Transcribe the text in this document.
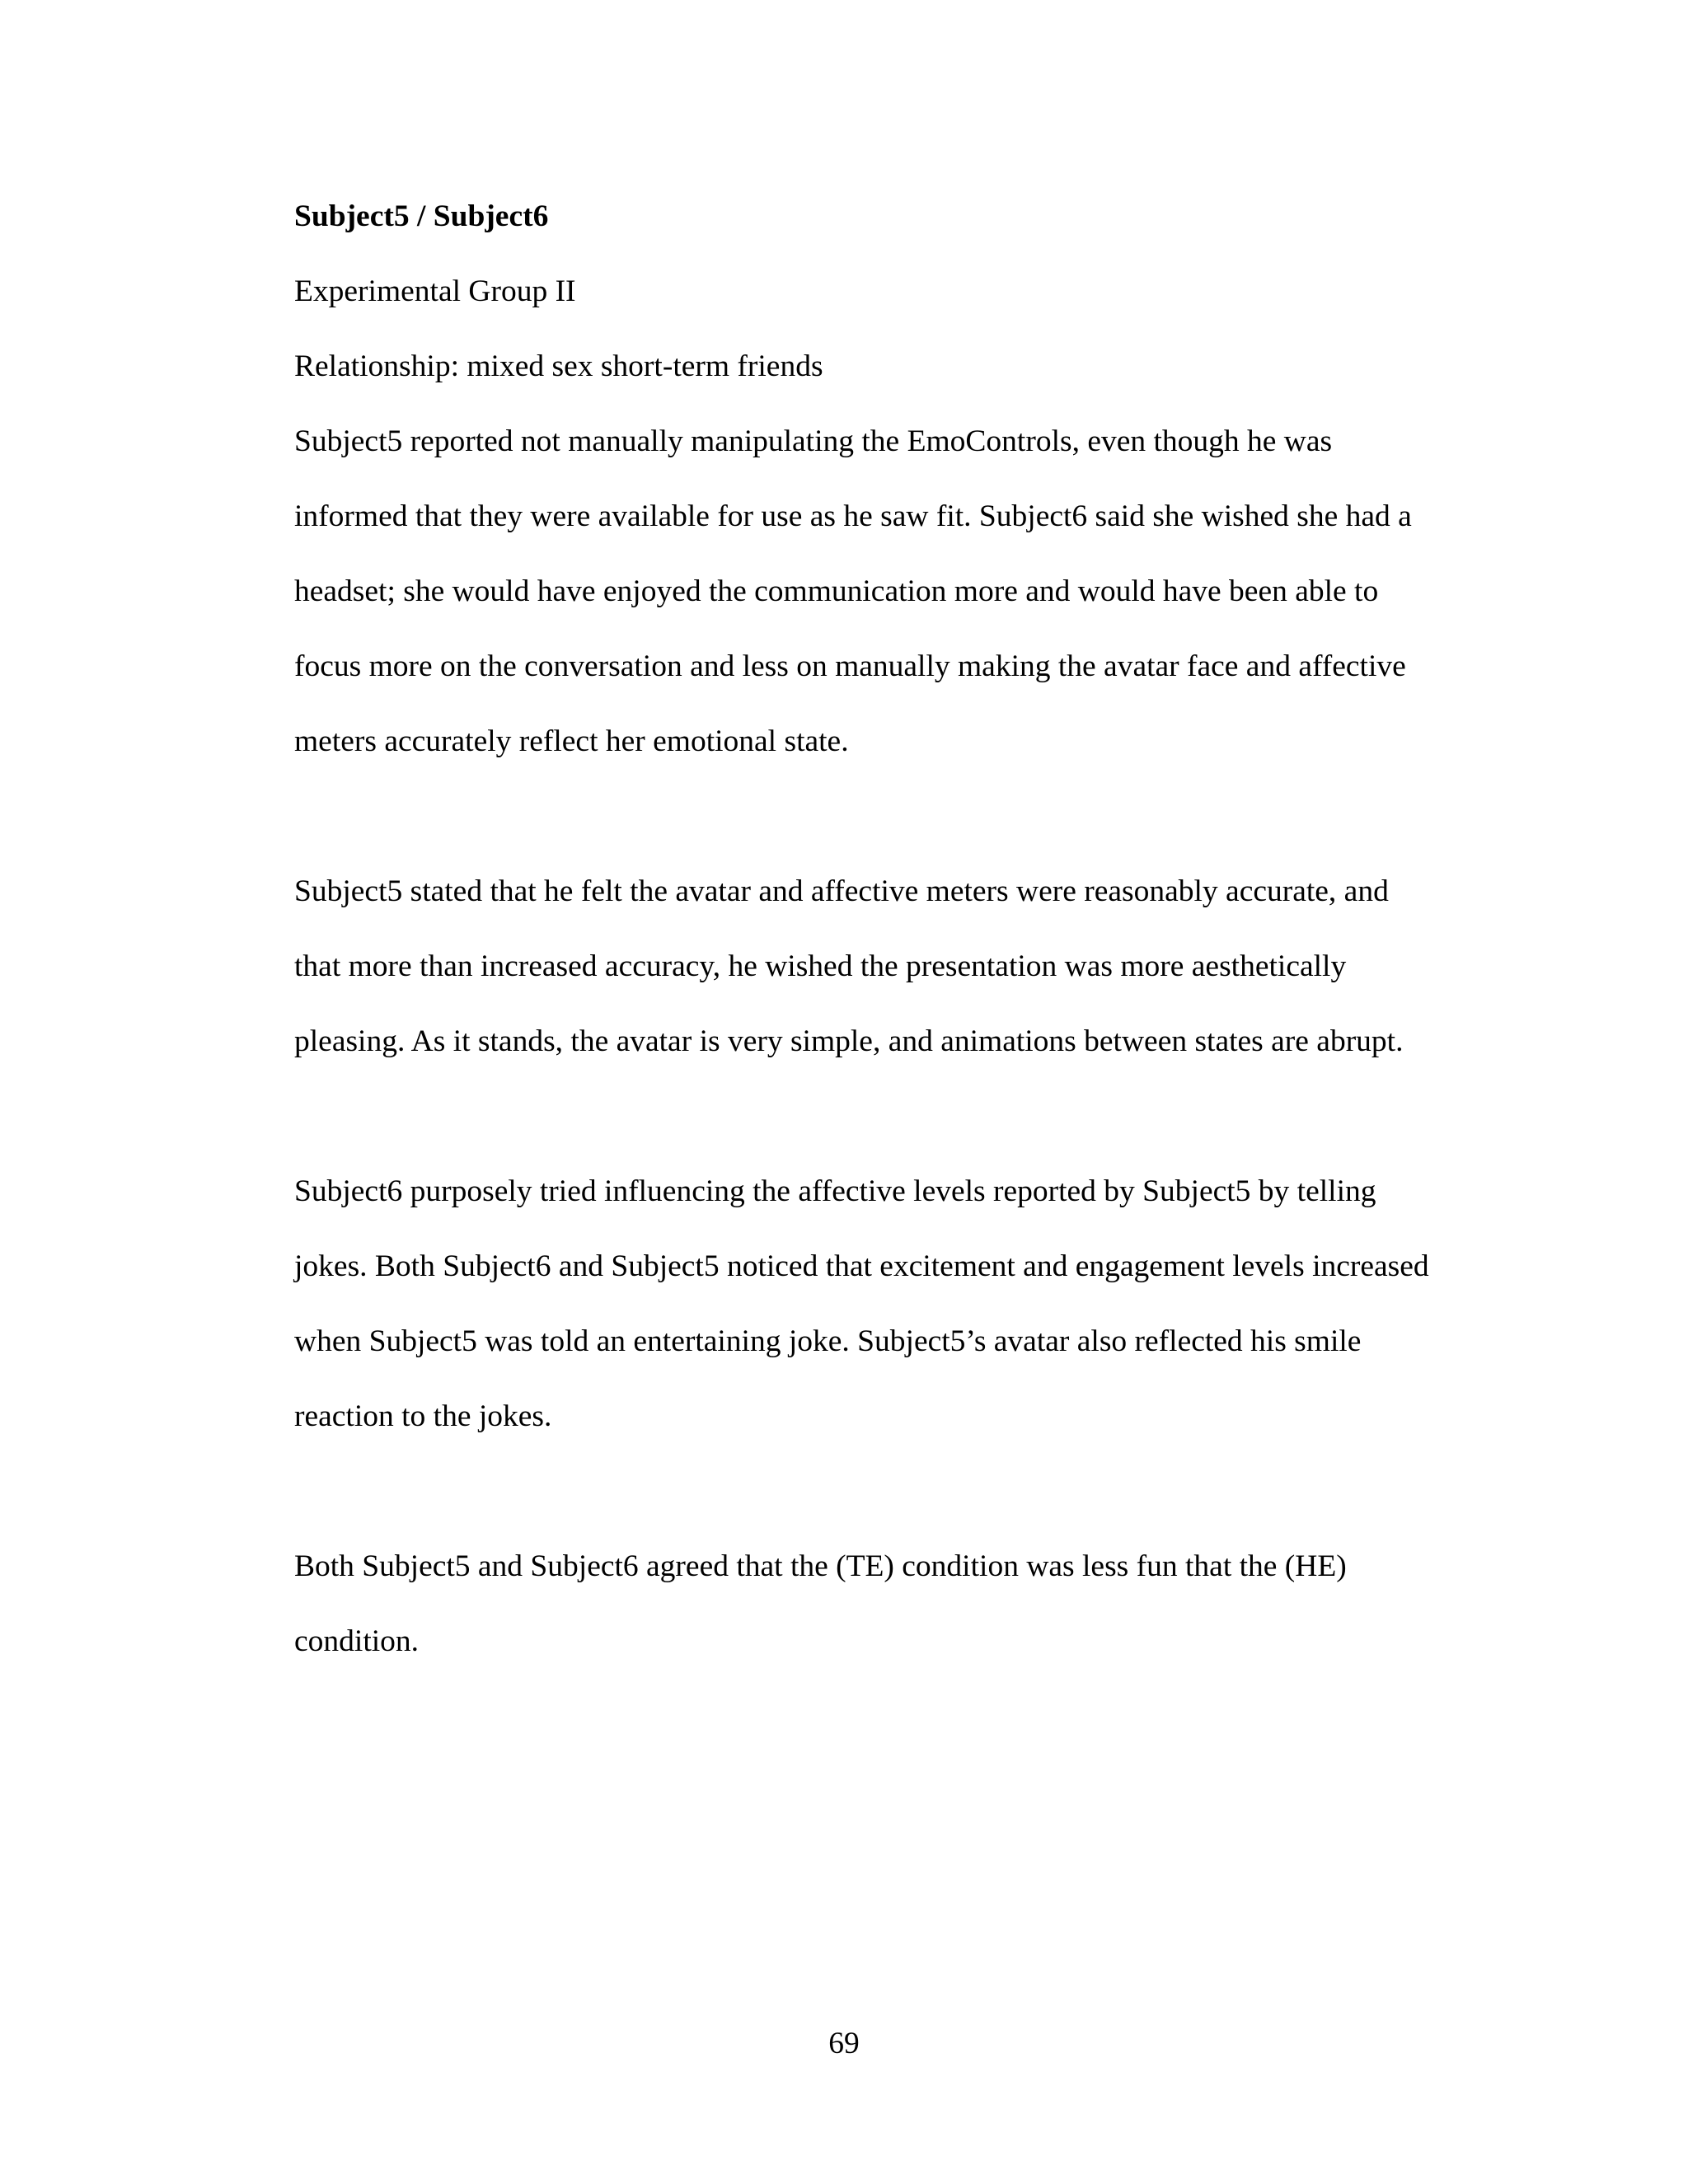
Subject5 / Subject6
Experimental Group II
Relationship: mixed sex short-term friends

Subject5 reported not manually manipulating the EmoControls, even though he was informed that they were available for use as he saw fit. Subject6 said she wished she had a headset; she would have enjoyed the communication more and would have been able to focus more on the conversation and less on manually making the avatar face and affective meters accurately reflect her emotional state.

Subject5 stated that he felt the avatar and affective meters were reasonably accurate, and that more than increased accuracy, he wished the presentation was more aesthetically pleasing. As it stands, the avatar is very simple, and animations between states are abrupt.

Subject6 purposely tried influencing the affective levels reported by Subject5 by telling jokes. Both Subject6 and Subject5 noticed that excitement and engagement levels increased when Subject5 was told an entertaining joke. Subject5’s avatar also reflected his smile reaction to the jokes.

Both Subject5 and Subject6 agreed that the (TE) condition was less fun that the (HE) condition.

69
